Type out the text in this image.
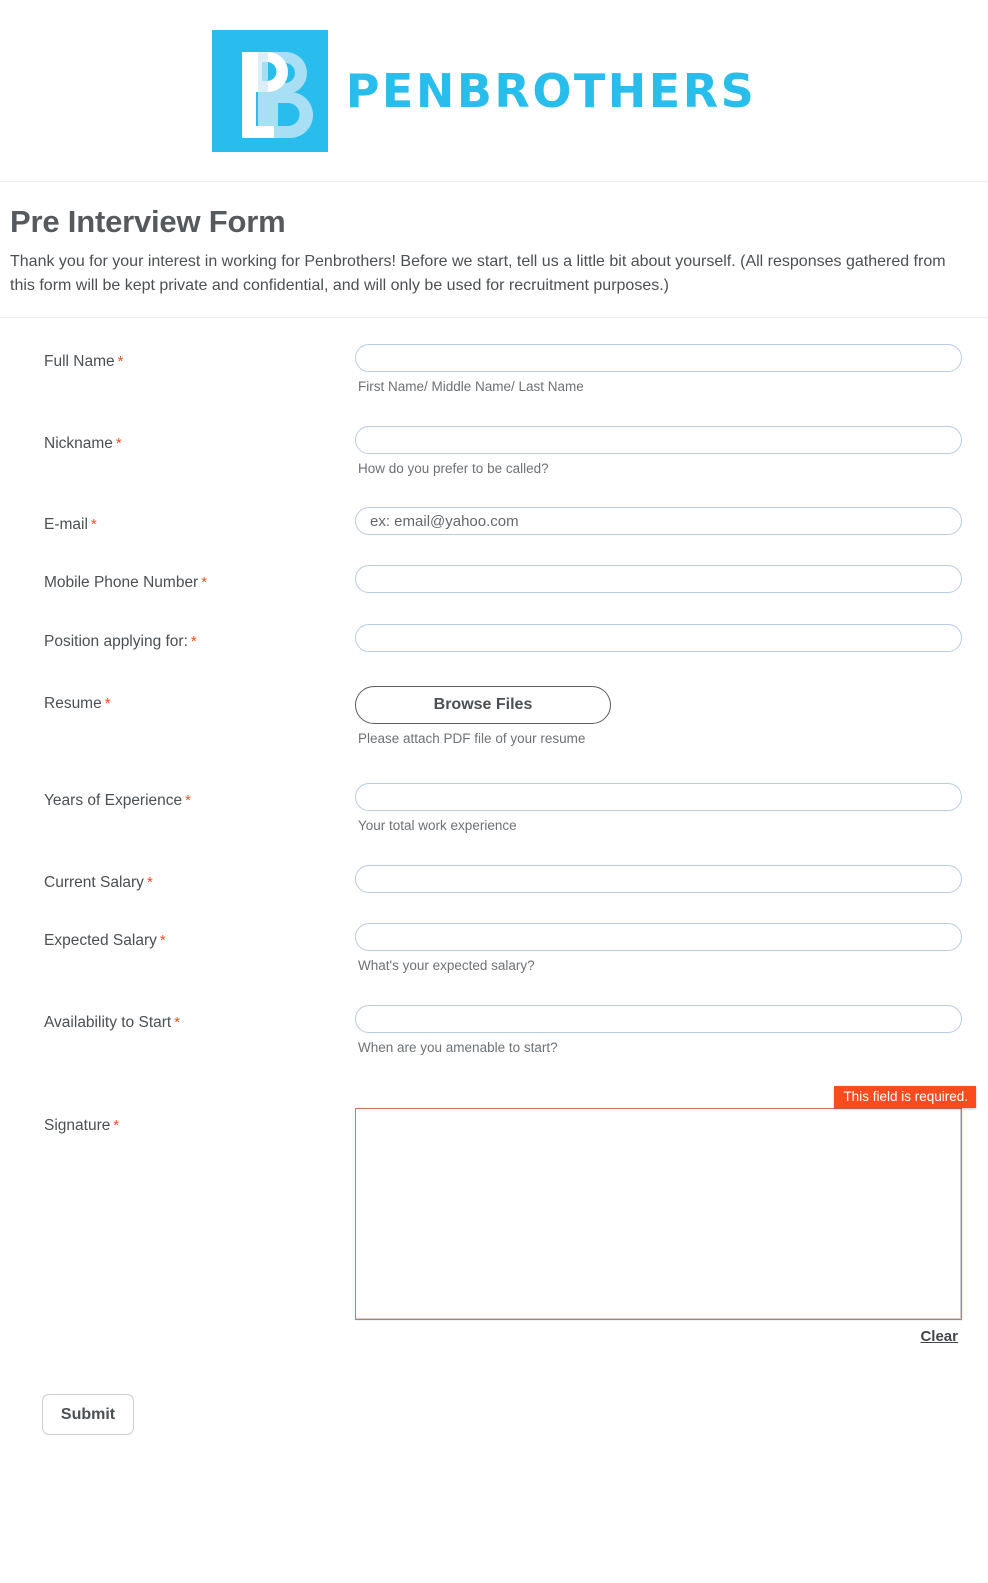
PENBROTHERS
Pre Interview Form

Thank you for your interest in working for Penbrothers! Before we start, tell us a little bit about yourself. (All responses gathered from this form will be kept private and confidential, and will only be used for recruitment purposes.)

Full Name *
First Name/ Middle Name/ Last Name
Nickname *
How do you prefer to be called?
E-mail *
ex: email@yahoo.com
Mobile Phone Number *
Position applying for: *
Resume *	Browse Files
Please attach PDF file of your resume
Years of Experience *
Your total work experience
Current Salary *
Expected Salary *
What's your expected salary?
Availability to Start *
When are you amenable to start?
Signature *
This field is required.
Clear
Submit
